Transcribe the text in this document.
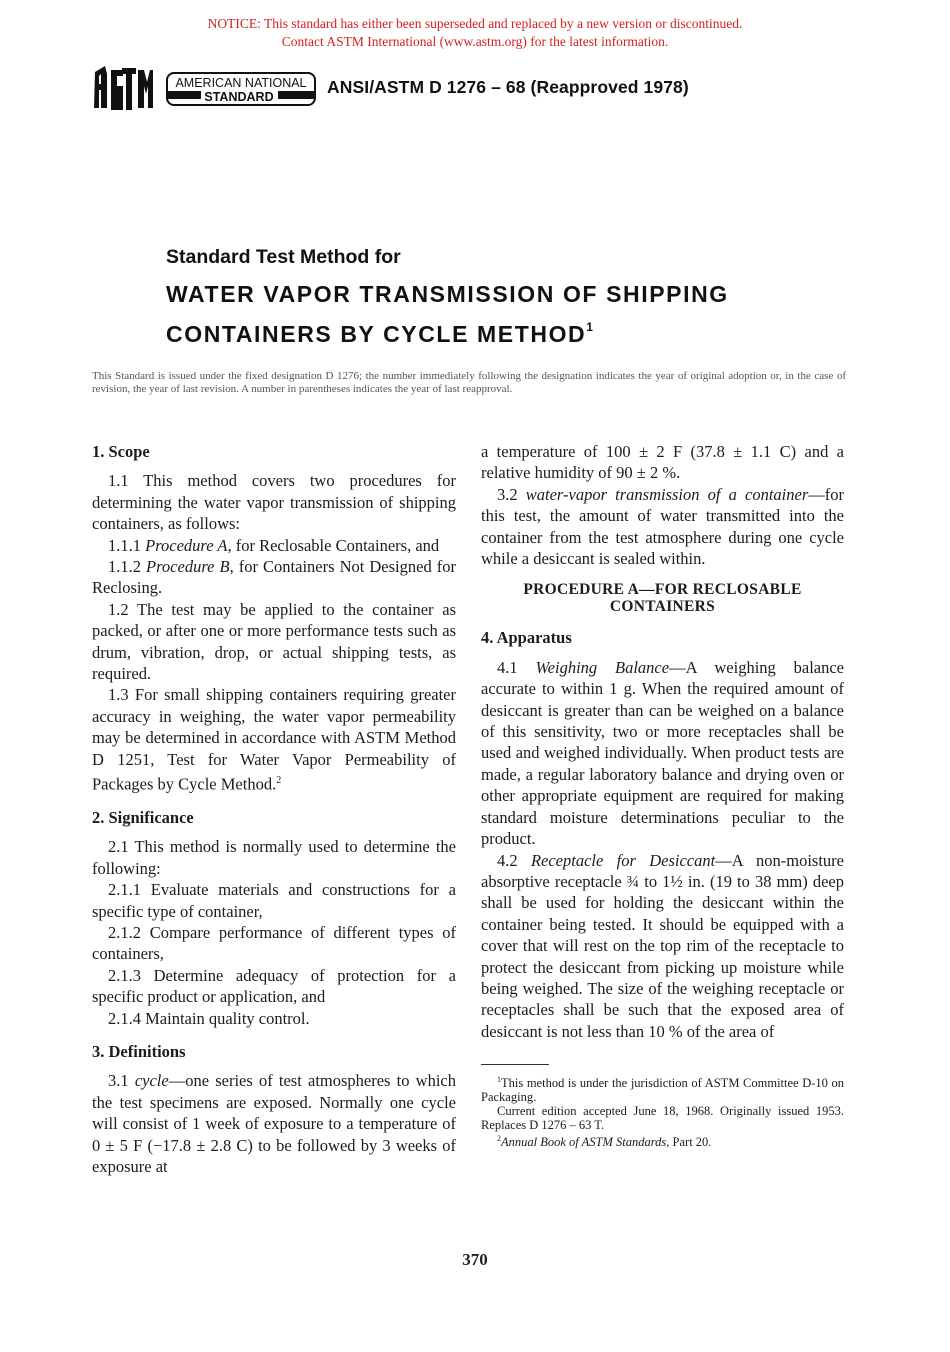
NOTICE: This standard has either been superseded and replaced by a new version or discontinued.
Contact ASTM International (www.astm.org) for the latest information.
AMERICAN NATIONAL
STANDARD	ANSI/ASTM D 1276 – 68 (Reapproved 1978)
Standard Test Method for
WATER VAPOR TRANSMISSION OF SHIPPING
CONTAINERS BY CYCLE METHOD$^1$
This Standard is issued under the fixed designation D 1276; the number immediately following the designation indicates the year of original adoption or, in the case of revision, the year of last revision. A number in parentheses indicates the year of last reapproval.
1. Scope

1.1 This method covers two procedures for determining the water vapor transmission of shipping containers, as follows:

1.1.1 Procedure A, for Reclosable Containers, and

1.1.2 Procedure B, for Containers Not Designed for Reclosing.

1.2 The test may be applied to the container as packed, or after one or more performance tests such as drum, vibration, drop, or actual shipping tests, as required.

1.3 For small shipping containers requiring greater accuracy in weighing, the water vapor permeability may be determined in accordance with ASTM Method D 1251, Test for Water Vapor Permeability of Packages by Cycle Method.$^2$

2. Significance

2.1 This method is normally used to determine the following:

2.1.1 Evaluate materials and constructions for a specific type of container,

2.1.2 Compare performance of different types of containers,

2.1.3 Determine adequacy of protection for a specific product or application, and

2.1.4 Maintain quality control.

3. Definitions

3.1 cycle—one series of test atmospheres to which the test specimens are exposed. Normally one cycle will consist of 1 week of exposure to a temperature of 0 ± 5 F (−17.8 ± 2.8 C) to be followed by 3 weeks of exposure at

a temperature of 100 ± 2 F (37.8 ± 1.1 C) and a relative humidity of 90 ± 2 %.

3.2 water-vapor transmission of a container—for this test, the amount of water transmitted into the container from the test atmosphere during one cycle while a desiccant is sealed within.

PROCEDURE A—FOR RECLOSABLE
CONTAINERS
4. Apparatus

4.1 Weighing Balance—A weighing balance accurate to within 1 g. When the required amount of desiccant is greater than can be weighed on a balance of this sensitivity, two or more receptacles shall be used and weighed individually. When product tests are made, a regular laboratory balance and drying oven or other appropriate equipment are required for making standard moisture determinations peculiar to the product.

4.2 Receptacle for Desiccant—A non-moisture absorptive receptacle ¾ to 1½ in. (19 to 38 mm) deep shall be used for holding the desiccant within the container being tested. It should be equipped with a cover that will rest on the top rim of the receptacle to protect the desiccant from picking up moisture while being weighed. The size of the weighing receptacle or receptacles shall be such that the exposed area of desiccant is not less than 10 % of the area of

$^1$This method is under the jurisdiction of ASTM Committee D-10 on Packaging.

Current edition accepted June 18, 1968. Originally issued 1953. Replaces D 1276 – 63 T.

$^2$Annual Book of ASTM Standards, Part 20.

370
